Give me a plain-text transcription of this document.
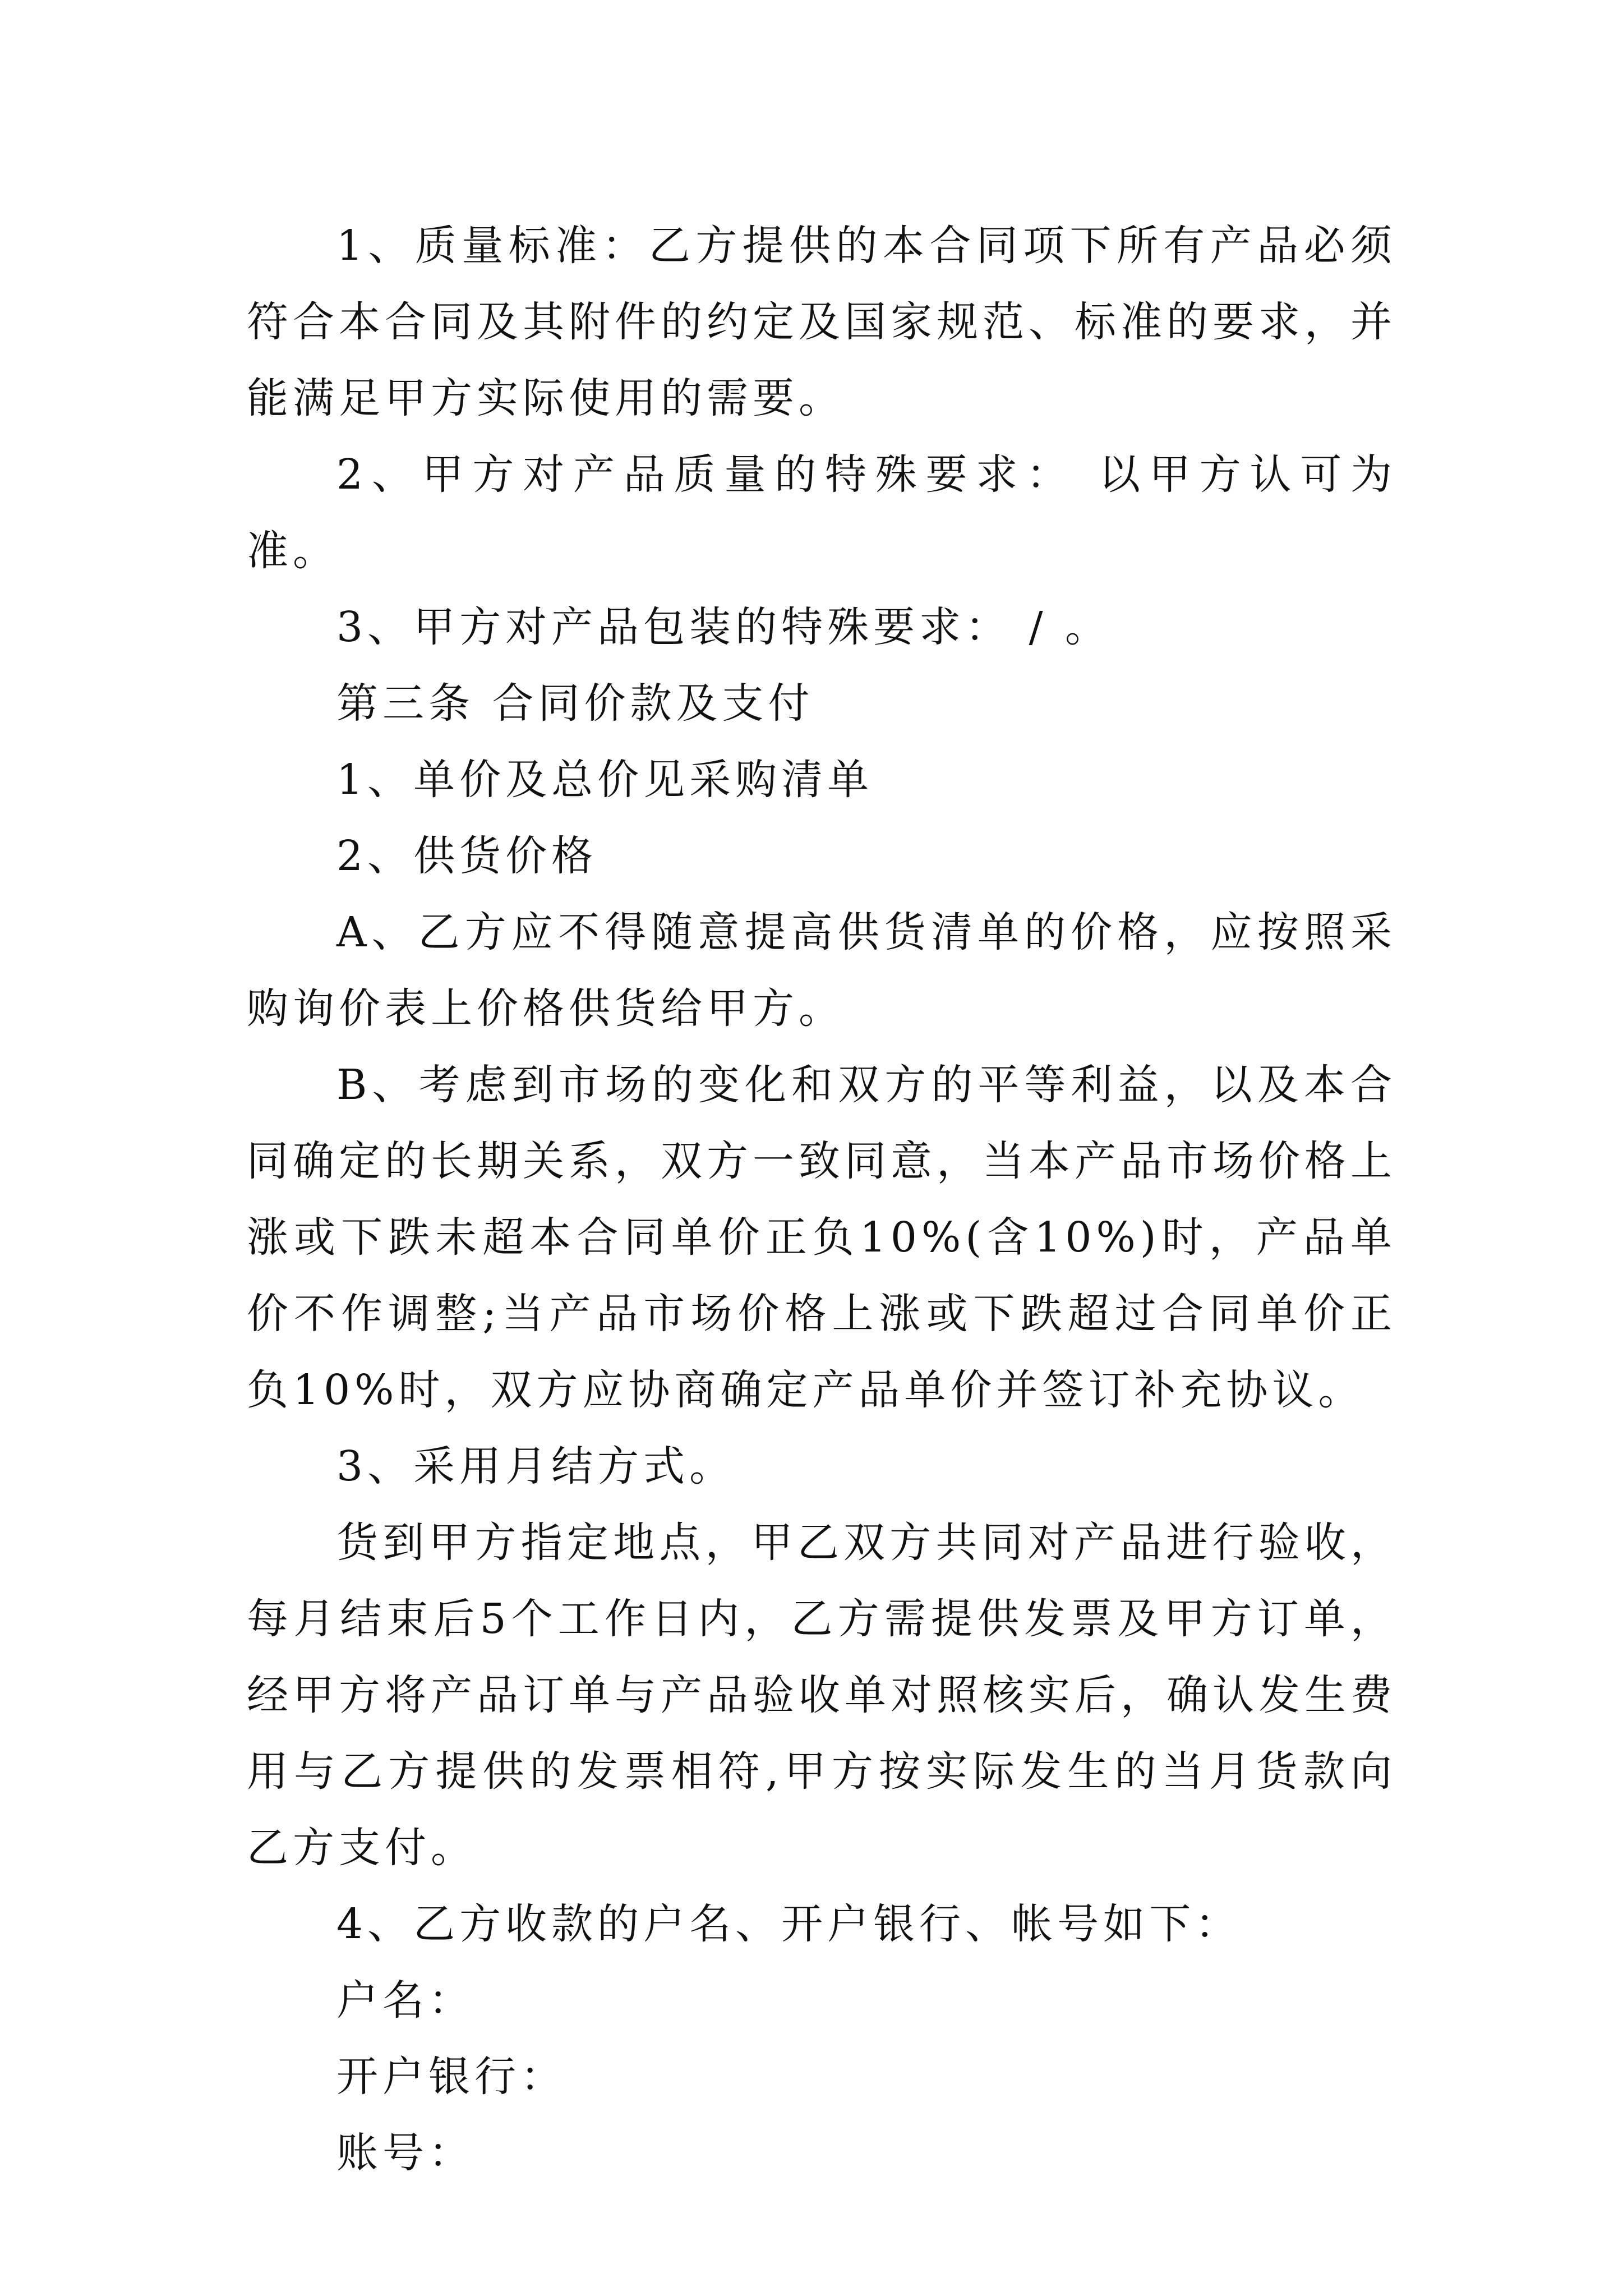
1、质量标准：乙方提供的本合同项下所有产品必须符合本合同及其附件的约定及国家规范、标准的要求，并能满足甲方实际使用的需要。

2、甲方对产品质量的特殊要求： 以甲方认可为准。

3、甲方对产品包装的特殊要求： / 。

第三条 合同价款及支付

1、单价及总价见采购清单

2、供货价格

A、乙方应不得随意提高供货清单的价格，应按照采购询价表上价格供货给甲方。

B、考虑到市场的变化和双方的平等利益，以及本合同确定的长期关系，双方一致同意，当本产品市场价格上涨或下跌未超本合同单价正负10%(含10%)时，产品单价不作调整;当产品市场价格上涨或下跌超过合同单价正负10%时，双方应协商确定产品单价并签订补充协议。

3、采用月结方式。

货到甲方指定地点，甲乙双方共同对产品进行验收，每月结束后5个工作日内，乙方需提供发票及甲方订单，经甲方将产品订单与产品验收单对照核实后，确认发生费用与乙方提供的发票相符,甲方按实际发生的当月货款向乙方支付。

4、乙方收款的户名、开户银行、帐号如下：

户名：

开户银行：

账号：
